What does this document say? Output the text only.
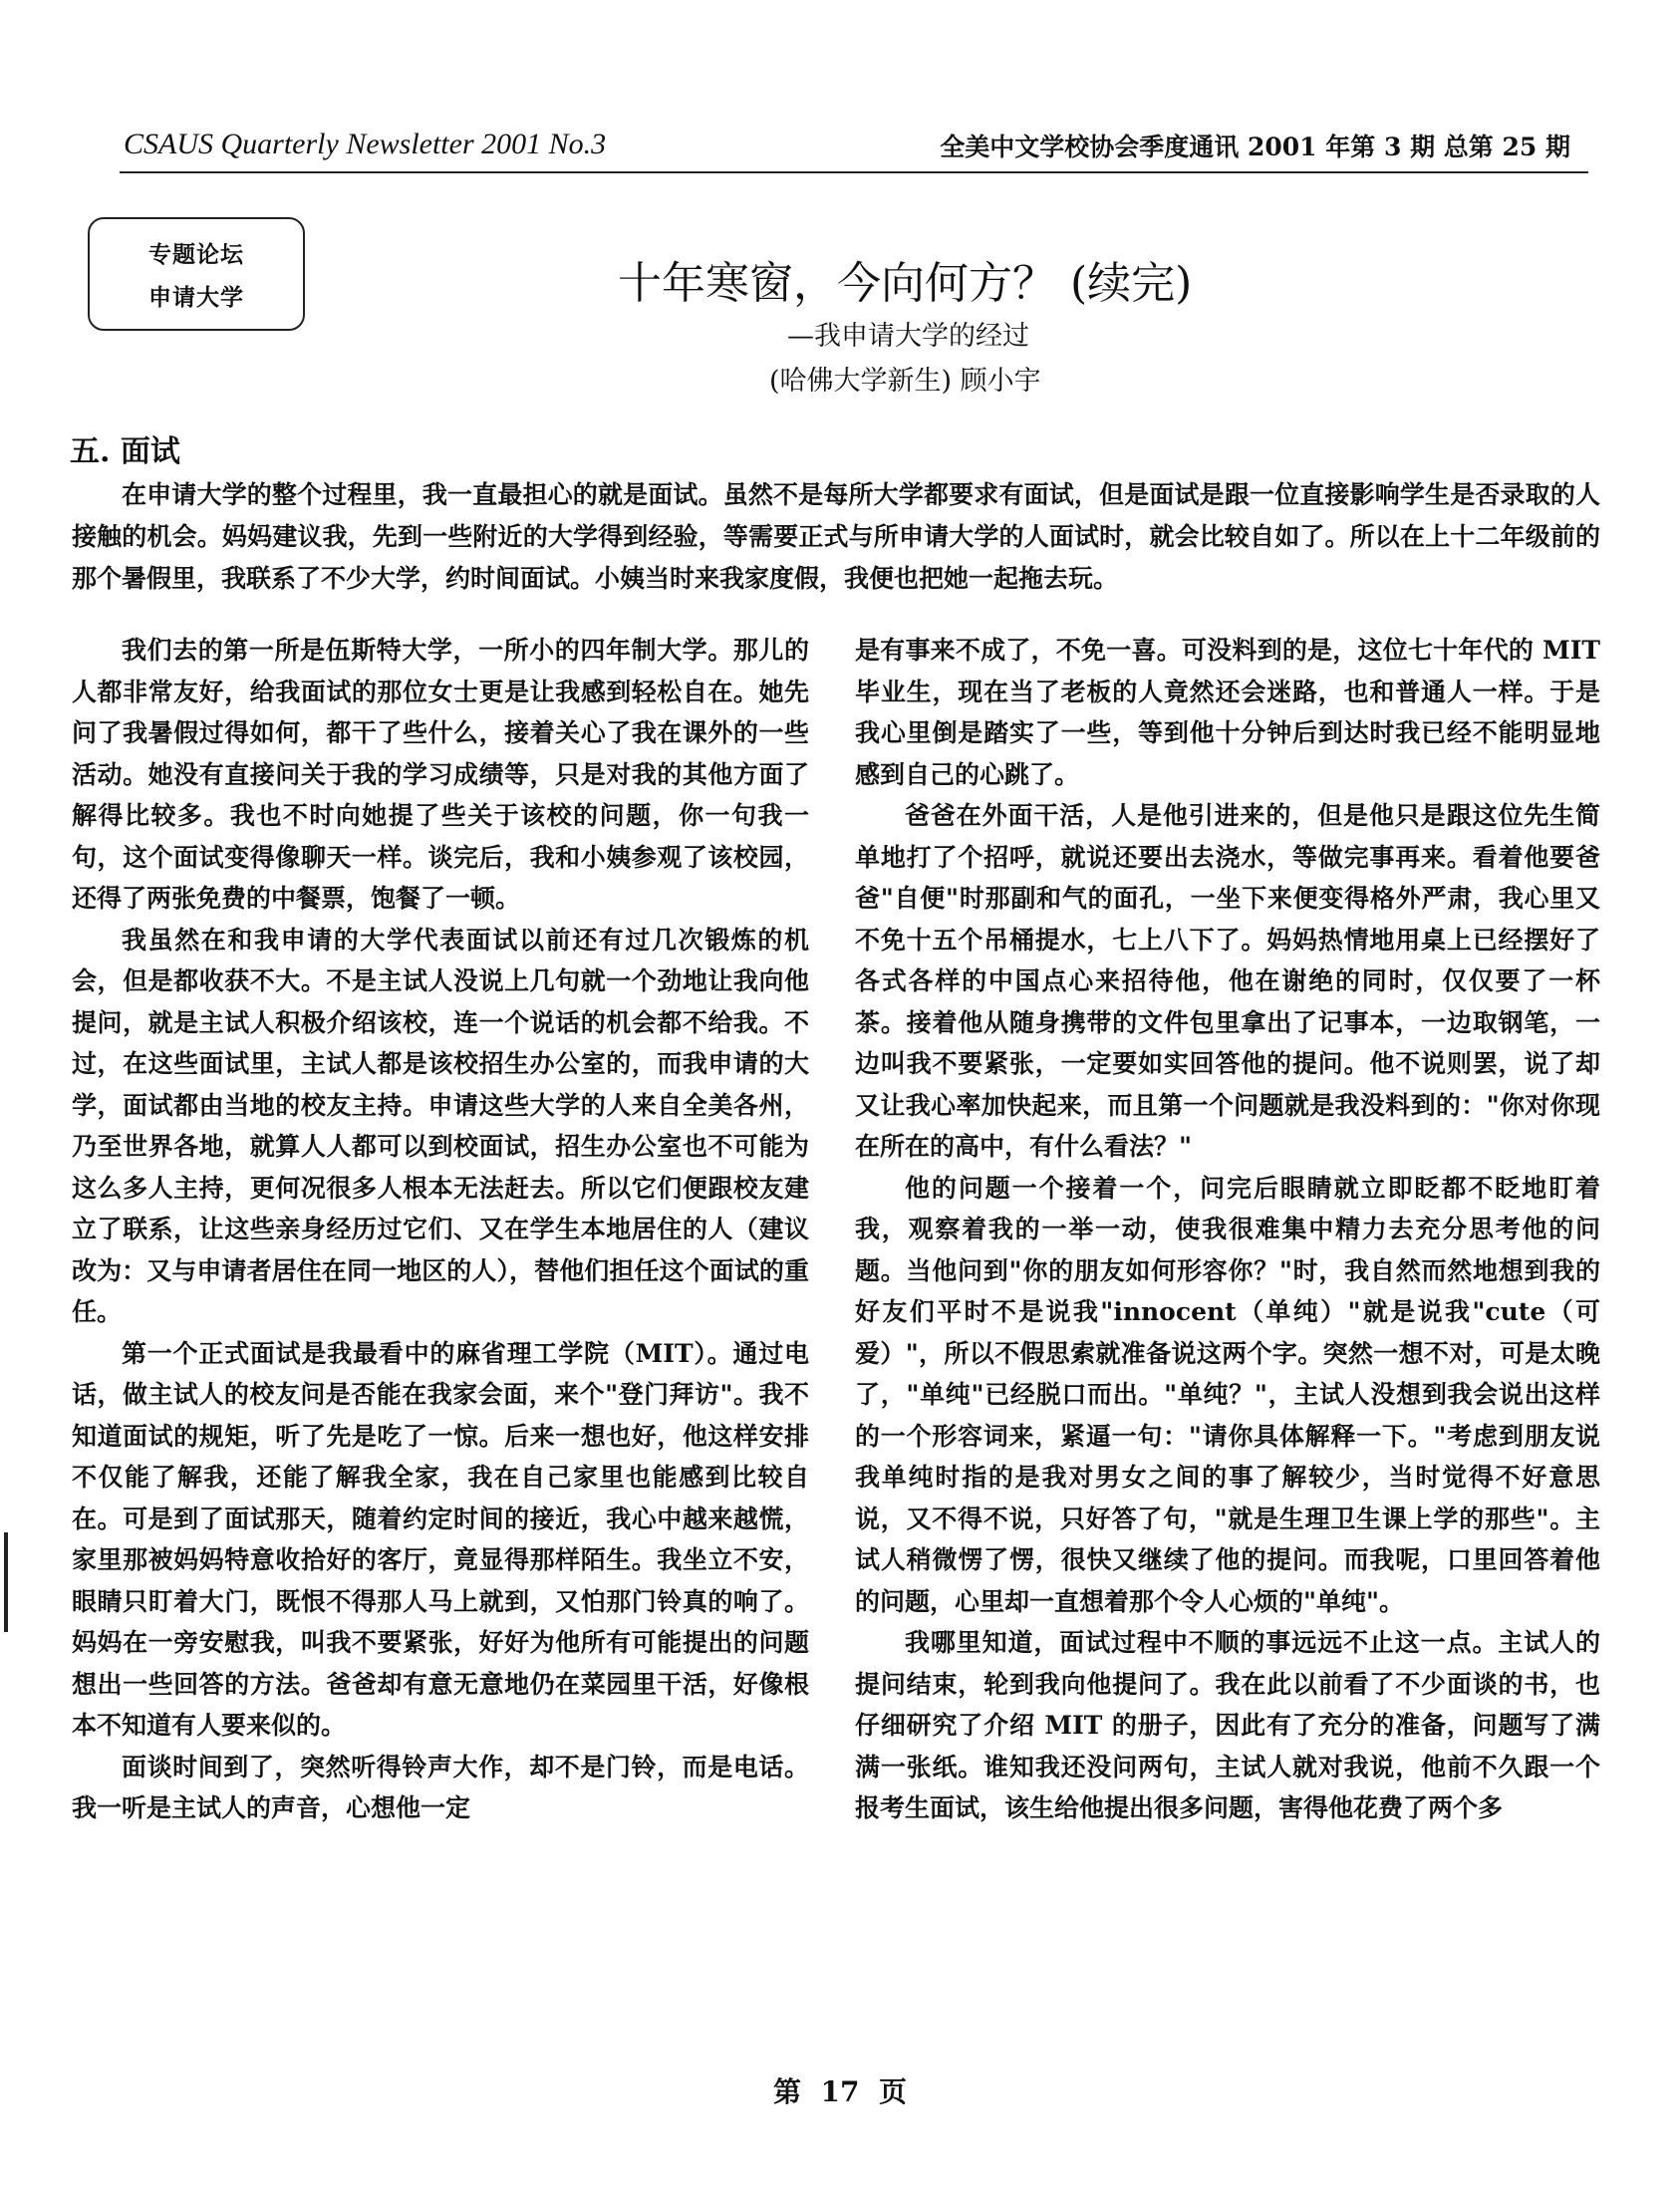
CSAUS Quarterly Newsletter 2001 No.3	全美中文学校协会季度通讯 2001 年第 3 期 总第 25 期
专题论坛
申请大学	十年寒窗，今向何方？ (续完)
—我申请大学的经过
(哈佛大学新生) 顾小宇
五. 面试

在申请大学的整个过程里，我一直最担心的就是面试。虽然不是每所大学都要求有面试，但是面试是跟一位直接影响学生是否录取的人接触的机会。妈妈建议我，先到一些附近的大学得到经验，等需要正式与所申请大学的人面试时，就会比较自如了。所以在上十二年级前的那个暑假里，我联系了不少大学，约时间面试。小姨当时来我家度假，我便也把她一起拖去玩。

我们去的第一所是伍斯特大学，一所小的四年制大学。那儿的人都非常友好，给我面试的那位女士更是让我感到轻松自在。她先问了我暑假过得如何，都干了些什么，接着关心了我在课外的一些活动。她没有直接问关于我的学习成绩等，只是对我的其他方面了解得比较多。我也不时向她提了些关于该校的问题，你一句我一句，这个面试变得像聊天一样。谈完后，我和小姨参观了该校园，还得了两张免费的中餐票，饱餐了一顿。

我虽然在和我申请的大学代表面试以前还有过几次锻炼的机会，但是都收获不大。不是主试人没说上几句就一个劲地让我向他提问，就是主试人积极介绍该校，连一个说话的机会都不给我。不过，在这些面试里，主试人都是该校招生办公室的，而我申请的大学，面试都由当地的校友主持。申请这些大学的人来自全美各州，乃至世界各地，就算人人都可以到校面试，招生办公室也不可能为这么多人主持，更何况很多人根本无法赶去。所以它们便跟校友建立了联系，让这些亲身经历过它们、又在学生本地居住的人（建议改为：又与申请者居住在同一地区的人），替他们担任这个面试的重任。

第一个正式面试是我最看中的麻省理工学院（MIT）。通过电话，做主试人的校友问是否能在我家会面，来个"登门拜访"。我不知道面试的规矩，听了先是吃了一惊。后来一想也好，他这样安排不仅能了解我，还能了解我全家，我在自己家里也能感到比较自在。可是到了面试那天，随着约定时间的接近，我心中越来越慌，家里那被妈妈特意收拾好的客厅，竟显得那样陌生。我坐立不安，眼睛只盯着大门，既恨不得那人马上就到，又怕那门铃真的响了。妈妈在一旁安慰我，叫我不要紧张，好好为他所有可能提出的问题想出一些回答的方法。爸爸却有意无意地仍在菜园里干活，好像根本不知道有人要来似的。

面谈时间到了，突然听得铃声大作，却不是门铃，而是电话。我一听是主试人的声音，心想他一定

是有事来不成了，不免一喜。可没料到的是，这位七十年代的 MIT 毕业生，现在当了老板的人竟然还会迷路，也和普通人一样。于是我心里倒是踏实了一些，等到他十分钟后到达时我已经不能明显地感到自己的心跳了。

爸爸在外面干活，人是他引进来的，但是他只是跟这位先生简单地打了个招呼，就说还要出去浇水，等做完事再来。看着他要爸爸"自便"时那副和气的面孔，一坐下来便变得格外严肃，我心里又不免十五个吊桶提水，七上八下了。妈妈热情地用桌上已经摆好了各式各样的中国点心来招待他，他在谢绝的同时，仅仅要了一杯茶。接着他从随身携带的文件包里拿出了记事本，一边取钢笔，一边叫我不要紧张，一定要如实回答他的提问。他不说则罢，说了却又让我心率加快起来，而且第一个问题就是我没料到的："你对你现在所在的高中，有什么看法？"

他的问题一个接着一个，问完后眼睛就立即眨都不眨地盯着我，观察着我的一举一动，使我很难集中精力去充分思考他的问题。当他问到"你的朋友如何形容你？"时，我自然而然地想到我的好友们平时不是说我"innocent（单纯）"就是说我"cute（可爱）"，所以不假思索就准备说这两个字。突然一想不对，可是太晚了，"单纯"已经脱口而出。"单纯？"，主试人没想到我会说出这样的一个形容词来，紧逼一句："请你具体解释一下。"考虑到朋友说我单纯时指的是我对男女之间的事了解较少，当时觉得不好意思说，又不得不说，只好答了句，"就是生理卫生课上学的那些"。主试人稍微愣了愣，很快又继续了他的提问。而我呢，口里回答着他的问题，心里却一直想着那个令人心烦的"单纯"。

我哪里知道，面试过程中不顺的事远远不止这一点。主试人的提问结束，轮到我向他提问了。我在此以前看了不少面谈的书，也仔细研究了介绍 MIT 的册子，因此有了充分的准备，问题写了满满一张纸。谁知我还没问两句，主试人就对我说，他前不久跟一个报考生面试，该生给他提出很多问题，害得他花费了两个多

第  17  页
